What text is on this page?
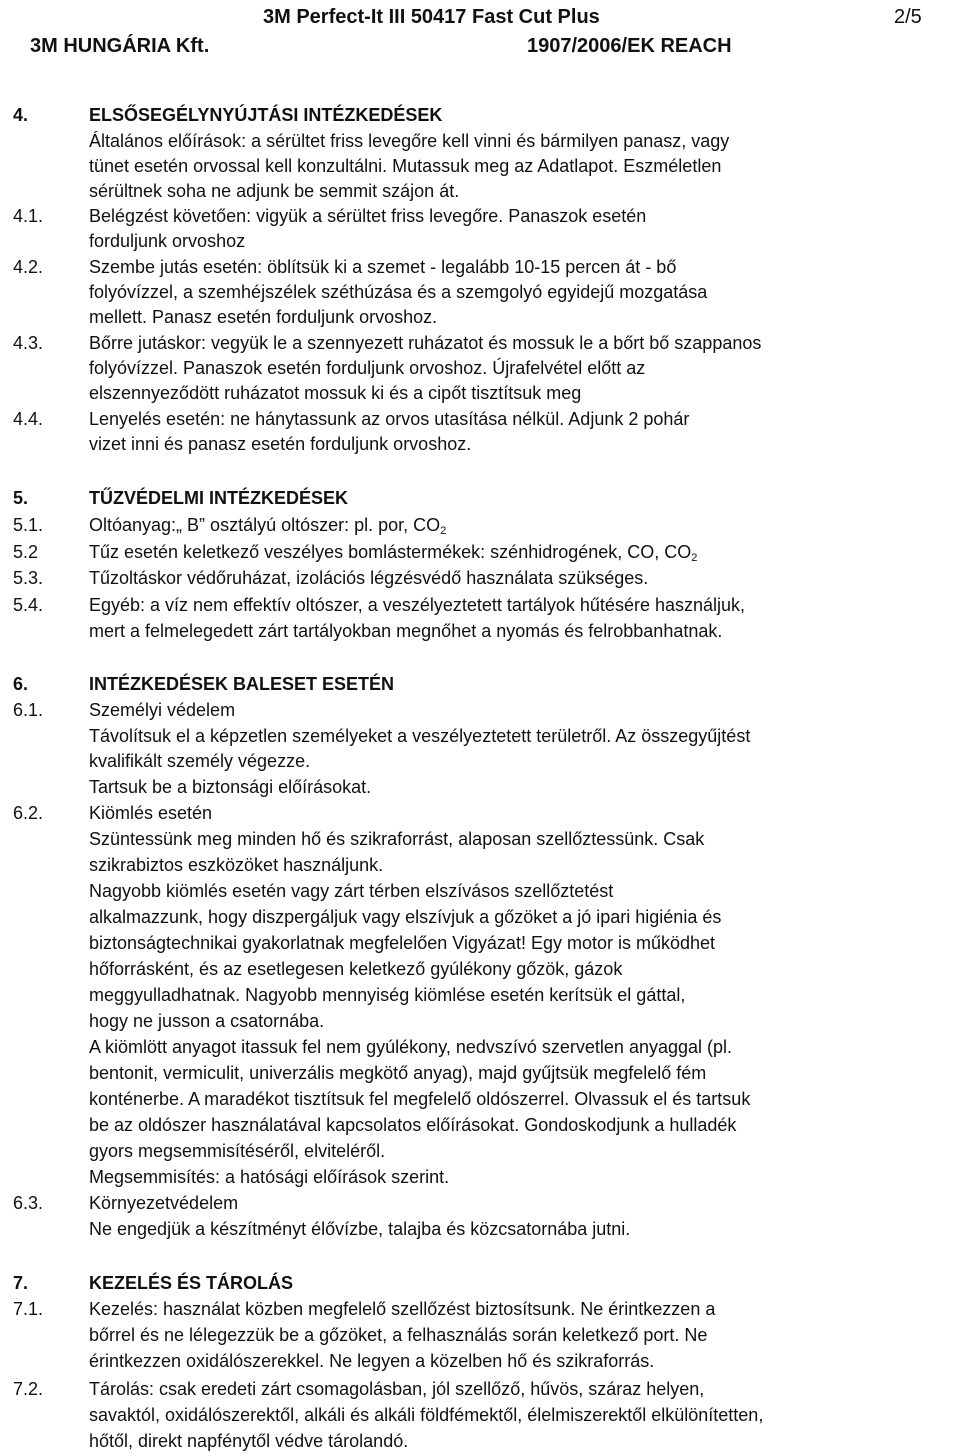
3M Perfect-It III 50417 Fast Cut Plus	2/5
3M HUNGÁRIA Kft.	1907/2006/EK REACH
4.	ELSŐSEGÉLYNYÚJTÁSI INTÉZKEDÉSEK
Általános előírások: a sérültet friss levegőre kell vinni és bármilyen panasz, vagy
tünet esetén orvossal kell konzultálni. Mutassuk meg az Adatlapot. Eszméletlen
sérültnek soha ne adjunk be semmit szájon át.
4.1.	Belégzést követően: vigyük a sérültet friss levegőre. Panaszok esetén
forduljunk orvoshoz
4.2.	Szembe jutás esetén: öblítsük ki a szemet - legalább 10-15 percen át - bő
folyóvízzel, a szemhéjszélek széthúzása és a szemgolyó egyidejű mozgatása
mellett. Panasz esetén forduljunk orvoshoz.
4.3.	Bőrre jutáskor: vegyük le a szennyezett ruházatot és mossuk le a bőrt bő szappanos
folyóvízzel. Panaszok esetén forduljunk orvoshoz. Újrafelvétel előtt az
elszennyeződött ruházatot mossuk ki és a cipőt tisztítsuk meg
4.4.	Lenyelés esetén: ne hánytassunk az orvos utasítása nélkül. Adjunk 2 pohár
vizet inni és panasz esetén forduljunk orvoshoz.
5.	TŰZVÉDELMI INTÉZKEDÉSEK
5.1.	Oltóanyag:„ B” osztályú oltószer: pl. por, $CO_2$
5.2	Tűz esetén keletkező veszélyes bomlástermékek: szénhidrogének, CO, $CO_2$
5.3.	Tűzoltáskor védőruházat, izolációs légzésvédő használata szükséges.
5.4.	Egyéb: a víz nem effektív oltószer, a veszélyeztetett tartályok hűtésére használjuk,
mert a felmelegedett zárt tartályokban megnőhet a nyomás és felrobbanhatnak.
6.	INTÉZKEDÉSEK BALESET ESETÉN
6.1.	Személyi védelem
Távolítsuk el a képzetlen személyeket a veszélyeztetett területről. Az összegyűjtést
kvalifikált személy végezze.
Tartsuk be a biztonsági előírásokat.
6.2.	Kiömlés esetén
Szüntessünk meg minden hő és szikraforrást, alaposan szellőztessünk. Csak
szikrabiztos eszközöket használjunk.
Nagyobb kiömlés esetén vagy zárt térben elszívásos szellőztetést
alkalmazzunk, hogy diszpergáljuk vagy elszívjuk a gőzöket a jó ipari higiénia és
biztonságtechnikai gyakorlatnak megfelelően Vigyázat! Egy motor is működhet
hőforrásként, és az esetlegesen keletkező gyúlékony gőzök, gázok
meggyulladhatnak. Nagyobb mennyiség kiömlése esetén kerítsük el gáttal,
hogy ne jusson a csatornába.
A kiömlött anyagot itassuk fel nem gyúlékony, nedvszívó szervetlen anyaggal (pl.
bentonit, vermiculit, univerzális megkötő anyag), majd gyűjtsük megfelelő fém
konténerbe. A maradékot tisztítsuk fel megfelelő oldószerrel. Olvassuk el és tartsuk
be az oldószer használatával kapcsolatos előírásokat. Gondoskodjunk a hulladék
gyors megsemmisítéséről, elviteléről.
Megsemmisítés: a hatósági előírások szerint.
6.3.	Környezetvédelem
Ne engedjük a készítményt élővízbe, talajba és közcsatornába jutni.
7.	KEZELÉS ÉS TÁROLÁS
7.1.	Kezelés: használat közben megfelelő szellőzést biztosítsunk. Ne érintkezzen a
bőrrel és ne lélegezzük be a gőzöket, a felhasználás során keletkező port. Ne
érintkezzen oxidálószerekkel. Ne legyen a közelben hő és szikraforrás.
7.2.	Tárolás: csak eredeti zárt csomagolásban, jól szellőző, hűvös, száraz helyen,
savaktól, oxidálószerektől, alkáli és alkáli földfémektől, élelmiszerektől elkülönítetten,
hőtől, direkt napfénytől védve tárolandó.
